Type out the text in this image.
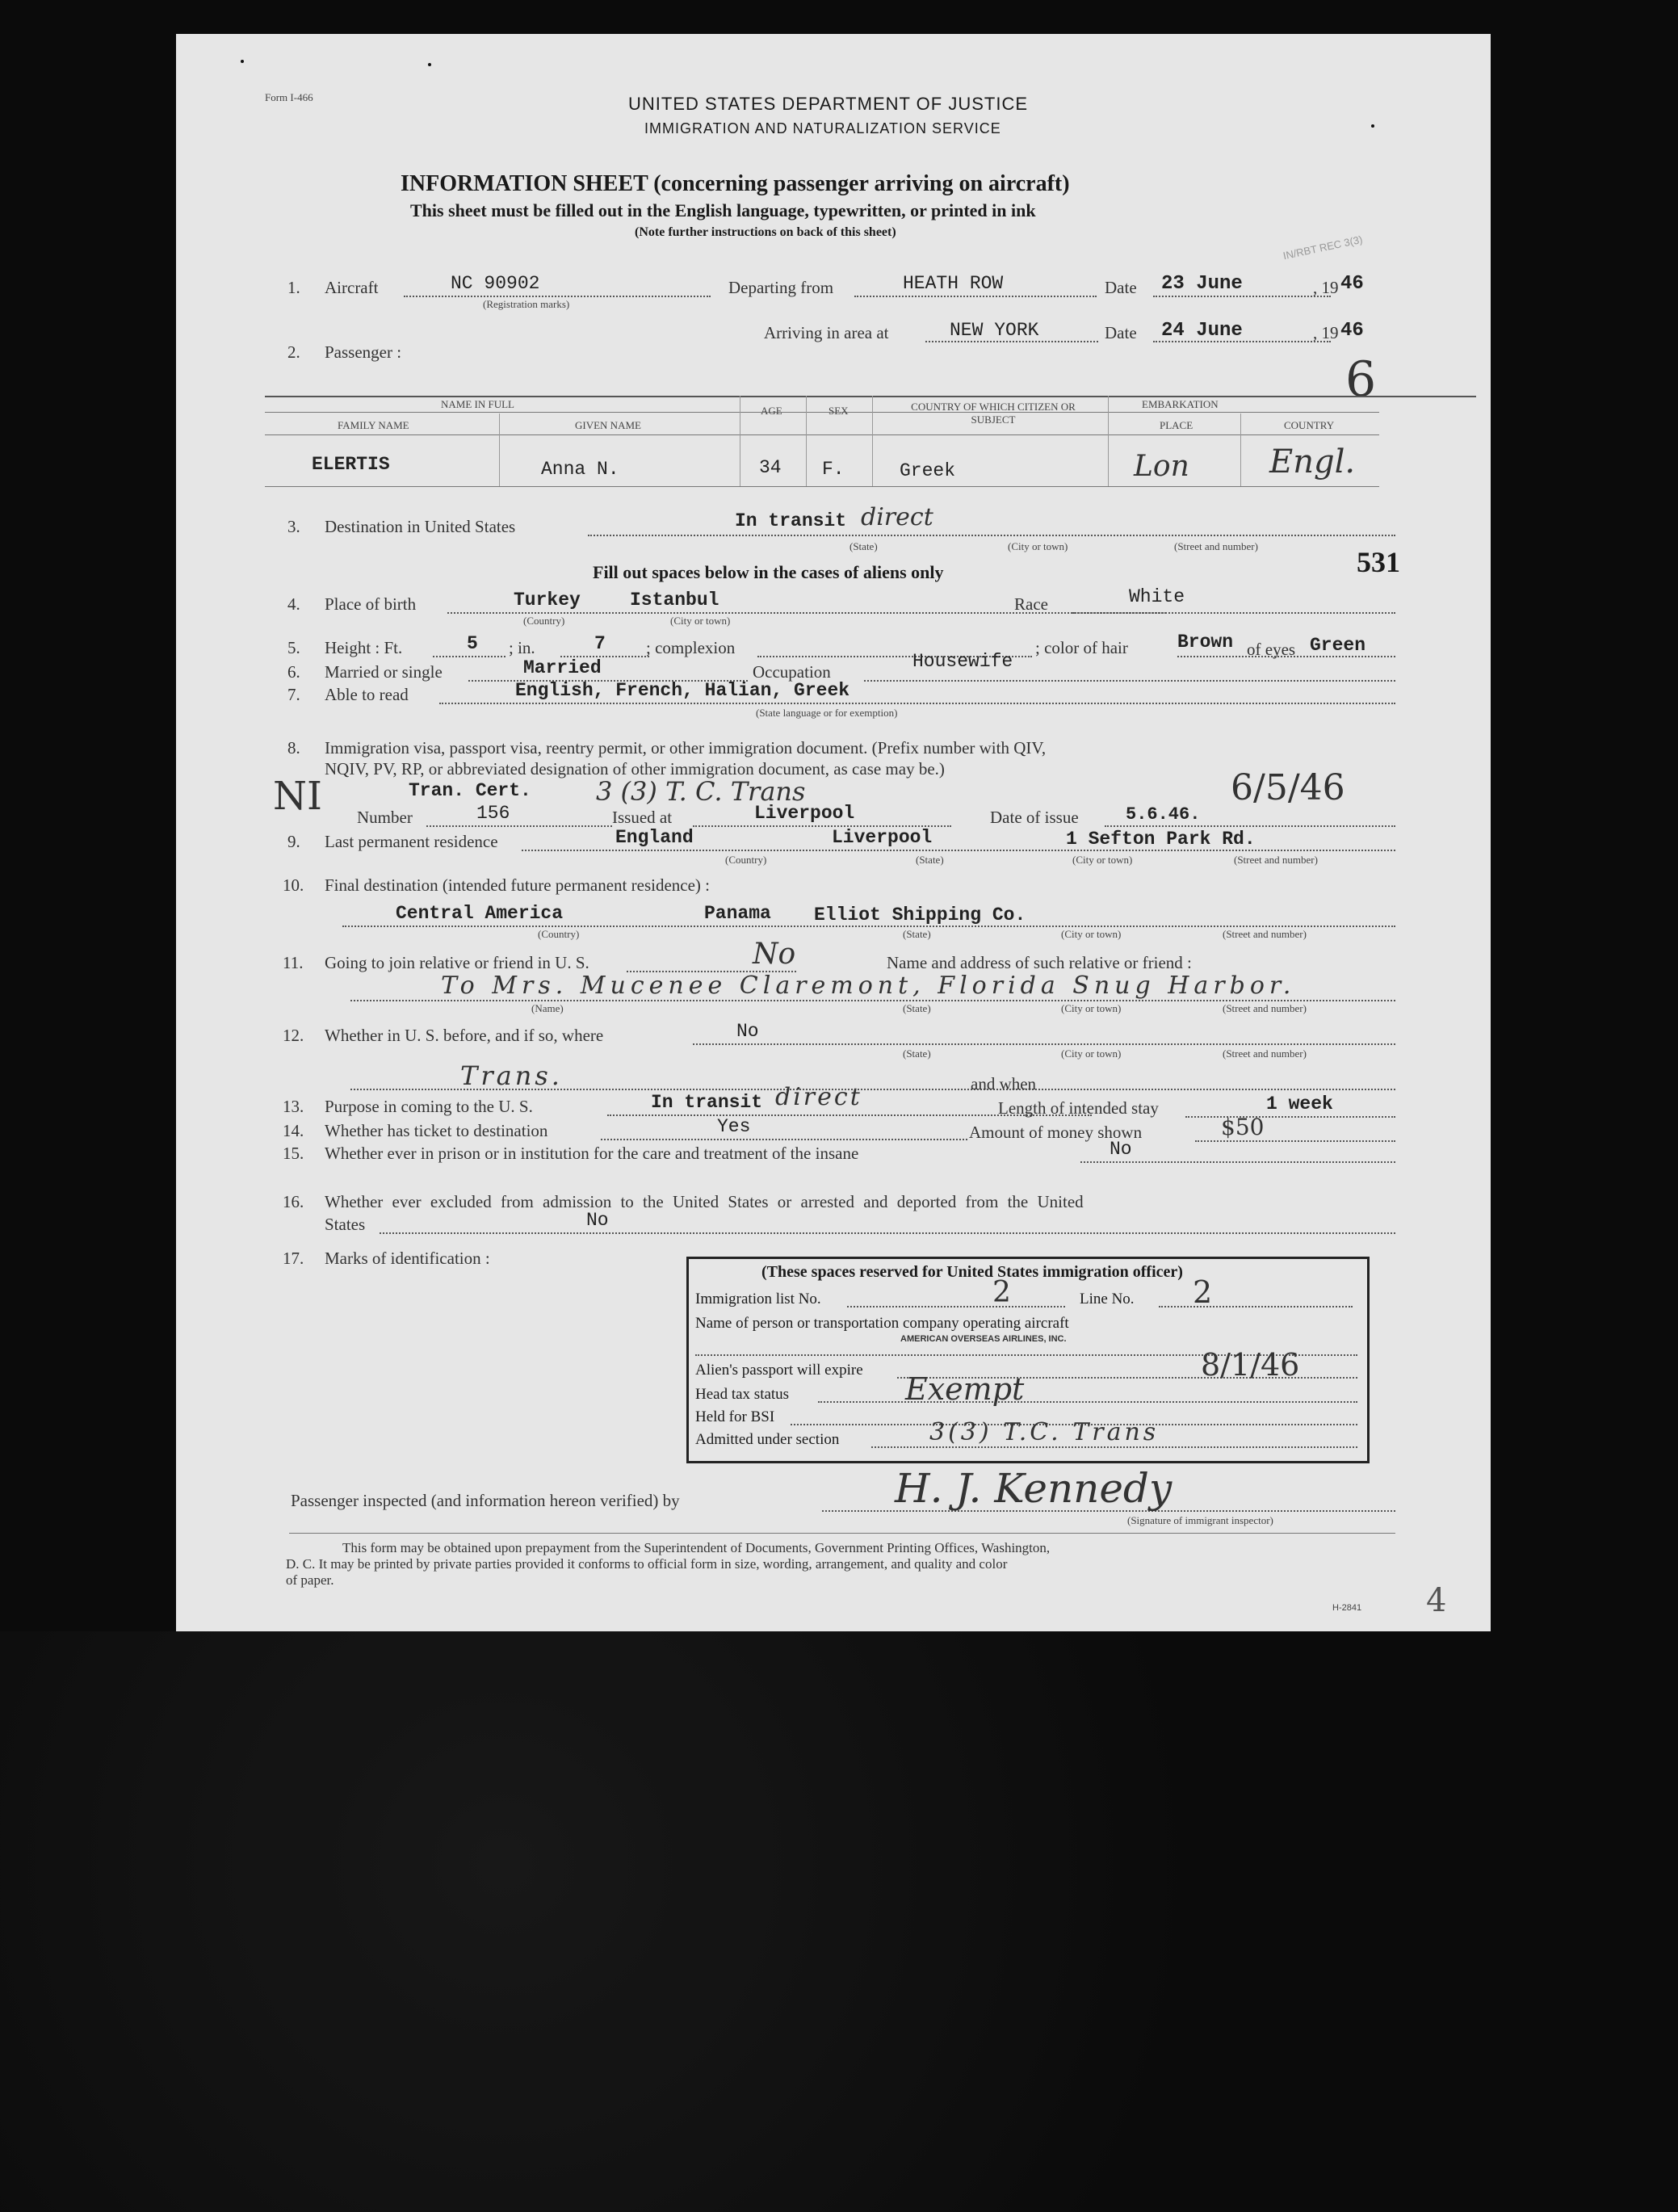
Form I-466	UNITED STATES DEPARTMENT OF JUSTICE
IMMIGRATION AND NATURALIZATION SERVICE
INFORMATION SHEET (concerning passenger arriving on aircraft)
This sheet must be filled out in the English language, typewritten, or printed in ink
(Note further instructions on back of this sheet)
IN/RBT REC 3(3)
6
531
1. Aircraft	NC 90902
(Registration marks)
Departing from	HEATH ROW	Date 23 June	, 19 46
Arriving in area at	NEW YORK	Date 24 June	, 19 46
2. Passenger :
NAME IN FULL
FAMILY NAME	GIVEN NAME
AGE	SEX	COUNTRY OF WHICH CITIZEN OR SUBJECT
EMBARKATION
PLACE	COUNTRY
ELERTIS	Anna N.	34 F.	Greek	Lon Engl.
3. Destination in United States	In transit direct
(State)	(City or town)	(Street and number)
Fill out spaces below in the cases of aliens only
4. Place of birth	Turkey	Istanbul
(Country)	(City or town)
Race	White
5. Height : Ft.	5 ; in.	7 ; complexion	; color of hair	Brown of eyes Green
6. Married or single	Married	Occupation	Housewife
7. Able to read	English, French, Halian, Greek
(State language or for exemption)
8. Immigration visa, passport visa, reentry permit, or other immigration document. (Prefix number with QIV,
NQIV, PV, RP, or abbreviated designation of other immigration document, as case may be.)
NI	Tran. Cert.	3 (3) T. C. Trans	6/5/46
Number	156	Issued at	Liverpool	Date of issue	5.6.46.
9. Last permanent residence	England	Liverpool	1 Sefton Park Rd.
(Country)	(State)	(City or town)	(Street and number)
10. Final destination (intended future permanent residence) :
Central America	Panama Elliot Shipping Co.
(Country)	(State)	(City or town)	(Street and number)
11. Going to join relative or friend in U. S.	No	Name and address of such relative or friend :
To Mrs. Mucenee Claremont, Florida Snug Harbor.
(Name)	(State)	(City or town)	(Street and number)
12. Whether in U. S. before, and if so, where	No
(State)	(City or town)	(Street and number)
Trans.	and when
13. Purpose in coming to the U. S.	In transit direct	Length of intended stay	1 week
14. Whether has ticket to destination	Yes	Amount of money shown	$50
15. Whether ever in prison or in institution for the care and treatment of the insane	No
16. Whether ever excluded from admission to the United States or arrested and deported from the United
States	No
17. Marks of identification :
(These spaces reserved for United States immigration officer)
Immigration list No.	2	Line No. 2
Name of person or transportation company operating aircraft
AMERICAN OVERSEAS AIRLINES, INC.
Alien's passport will expire	8/1/46
Head tax status	Exempt
Held for BSI
Admitted under section	3(3) T.C. Trans
Passenger inspected (and information hereon verified) by	H. J. Kennedy
(Signature of immigrant inspector)
This form may be obtained upon prepayment from the Superintendent of Documents, Government Printing Offices, Washington,
D. C. It may be printed by private parties provided it conforms to official form in size, wording, arrangement, and quality and color
of paper.
H-2841 4
